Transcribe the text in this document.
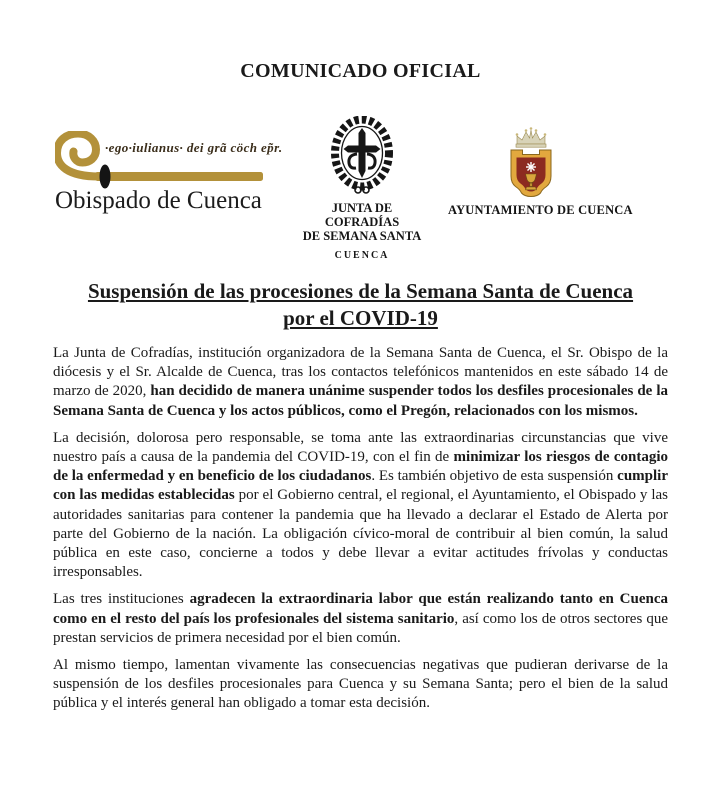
COMUNICADO OFICIAL
·ego·iulianus· dei grã cöch ep̃r.
Obispado de Cuenca	JUNTA DE COFRADÍAS
DE SEMANA SANTA
CUENCA
AYUNTAMIENTO DE CUENCA
Suspensión de las procesiones de la Semana Santa de Cuenca
por el COVID-19

La Junta de Cofradías, institución organizadora de la Semana Santa de Cuenca, el Sr. Obispo de la diócesis y el Sr. Alcalde de Cuenca, tras los contactos telefónicos mantenidos en este sábado 14 de marzo de 2020, han decidido de manera unánime suspender todos los desfiles procesionales de la Semana Santa de Cuenca y los actos públicos, como el Pregón, relacionados con los mismos.

La decisión, dolorosa pero responsable, se toma ante las extraordinarias circunstancias que vive nuestro país a causa de la pandemia del COVID-19, con el fin de minimizar los riesgos de contagio de la enfermedad y en beneficio de los ciudadanos. Es también objetivo de esta suspensión cumplir con las medidas establecidas por el Gobierno central, el regional, el Ayuntamiento, el Obispado y las autoridades sanitarias para contener la pandemia que ha llevado a declarar el Estado de Alerta por parte del Gobierno de la nación. La obligación cívico-moral de contribuir al bien común, la salud pública en este caso, concierne a todos y debe llevar a evitar actitudes frívolas y conductas irresponsables.

Las tres instituciones agradecen la extraordinaria labor que están realizando tanto en Cuenca como en el resto del país los profesionales del sistema sanitario, así como los de otros sectores que prestan servicios de primera necesidad por el bien común.

Al mismo tiempo, lamentan vivamente las consecuencias negativas que pudieran derivarse de la suspensión de los desfiles procesionales para Cuenca y su Semana Santa; pero el bien de la salud pública y el interés general han obligado a tomar esta decisión.
